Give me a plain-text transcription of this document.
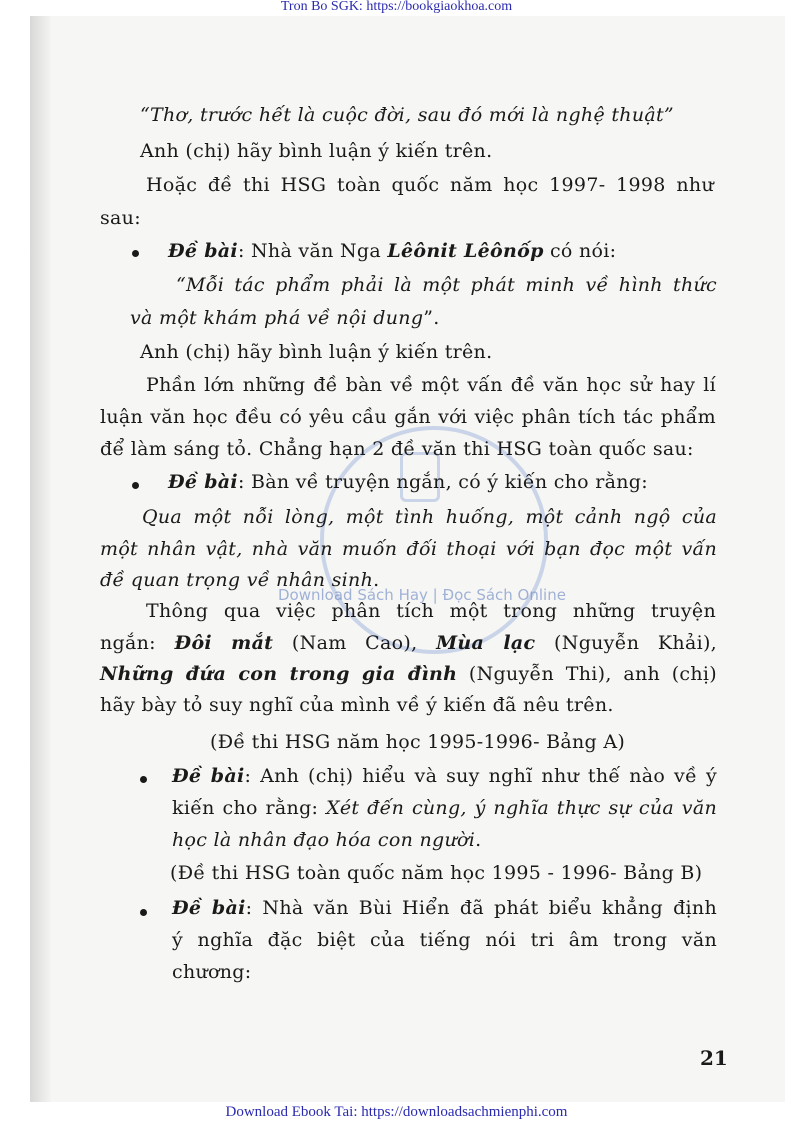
Tron Bo SGK: https://bookgiaokhoa.com
Download Sách Hay | Đọc Sách Online
“Thơ, trước hết là cuộc đời, sau đó mới là nghệ thuật”
Anh (chị) hãy bình luận ý kiến trên.
Hoặc đề thi HSG toàn quốc năm học 1997- 1998 như
sau:
Đề bài: Nhà văn Nga Lêônit Lêônốp có nói:
“Mỗi tác phẩm phải là một phát minh về hình thức
và một khám phá về nội dung”.
Anh (chị) hãy bình luận ý kiến trên.
Phần lớn những đề bàn về một vấn đề văn học sử hay lí
luận văn học đều có yêu cầu gắn với việc phân tích tác phẩm
để làm sáng tỏ. Chẳng hạn 2 đề văn thi HSG toàn quốc sau:
Đề bài: Bàn về truyện ngắn, có ý kiến cho rằng:
Qua một nỗi lòng, một tình huống, một cảnh ngộ của
một nhân vật, nhà văn muốn đối thoại với bạn đọc một vấn
đề quan trọng về nhân sinh.
Thông qua việc phân tích một trong những truyện
ngắn: Đôi mắt (Nam Cao), Mùa lạc (Nguyễn Khải),
Những đứa con trong gia đình (Nguyễn Thi), anh (chị)
hãy bày tỏ suy nghĩ của mình về ý kiến đã nêu trên.
(Đề thi HSG năm học 1995-1996- Bảng A)
Đề bài: Anh (chị) hiểu và suy nghĩ như thế nào về ý
kiến cho rằng: Xét đến cùng, ý nghĩa thực sự của văn
học là nhân đạo hóa con người.
(Đề thi HSG toàn quốc năm học 1995 - 1996- Bảng B)
Đề bài: Nhà văn Bùi Hiển đã phát biểu khẳng định
ý nghĩa đặc biệt của tiếng nói tri âm trong văn
chương:
21
Download Ebook Tai: https://downloadsachmienphi.com
